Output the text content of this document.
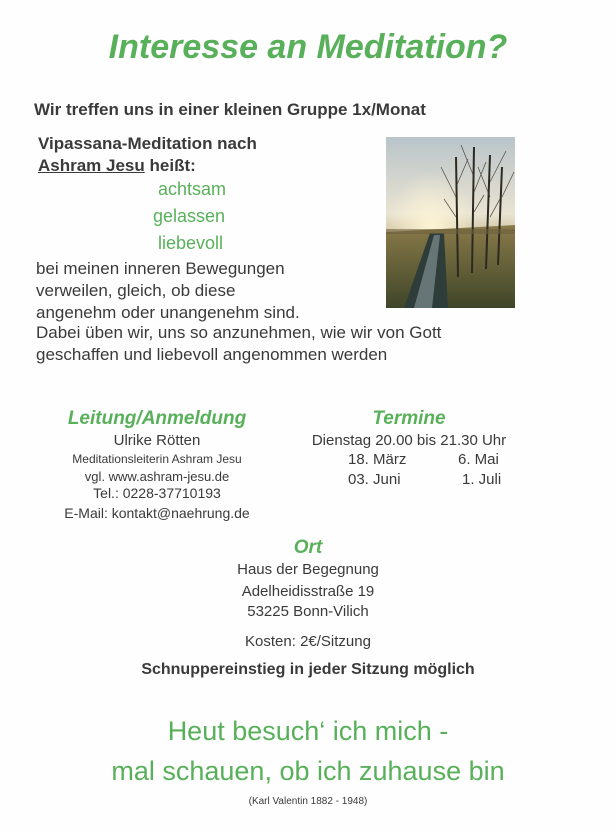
Interesse an Meditation?
Wir treffen uns in einer kleinen Gruppe 1x/Monat
Vipassana-Meditation nach
Ashram Jesu heißt:
achtsam
gelassen
liebevoll
bei meinen inneren Bewegungen
verweilen, gleich, ob diese
angenehm oder unangenehm sind.
Dabei üben wir, uns so anzunehmen, wie wir von Gott
geschaffen und liebevoll angenommen werden
Leitung/Anmeldung
Ulrike Rötten
Meditationsleiterin Ashram Jesu
vgl. www.ashram-jesu.de
Tel.: 0228-37710193
E-Mail: kontakt@naehrung.de
Termine
Dienstag 20.00 bis 21.30 Uhr
18. März	6. Mai
03. Juni	1. Juli
Ort
Haus der Begegnung
Adelheidisstraße 19
53225 Bonn-Vilich
Kosten: 2€/Sitzung
Schnuppereinstieg in jeder Sitzung möglich
Heut besuch‘ ich mich -
mal schauen, ob ich zuhause bin
(Karl Valentin 1882 - 1948)
